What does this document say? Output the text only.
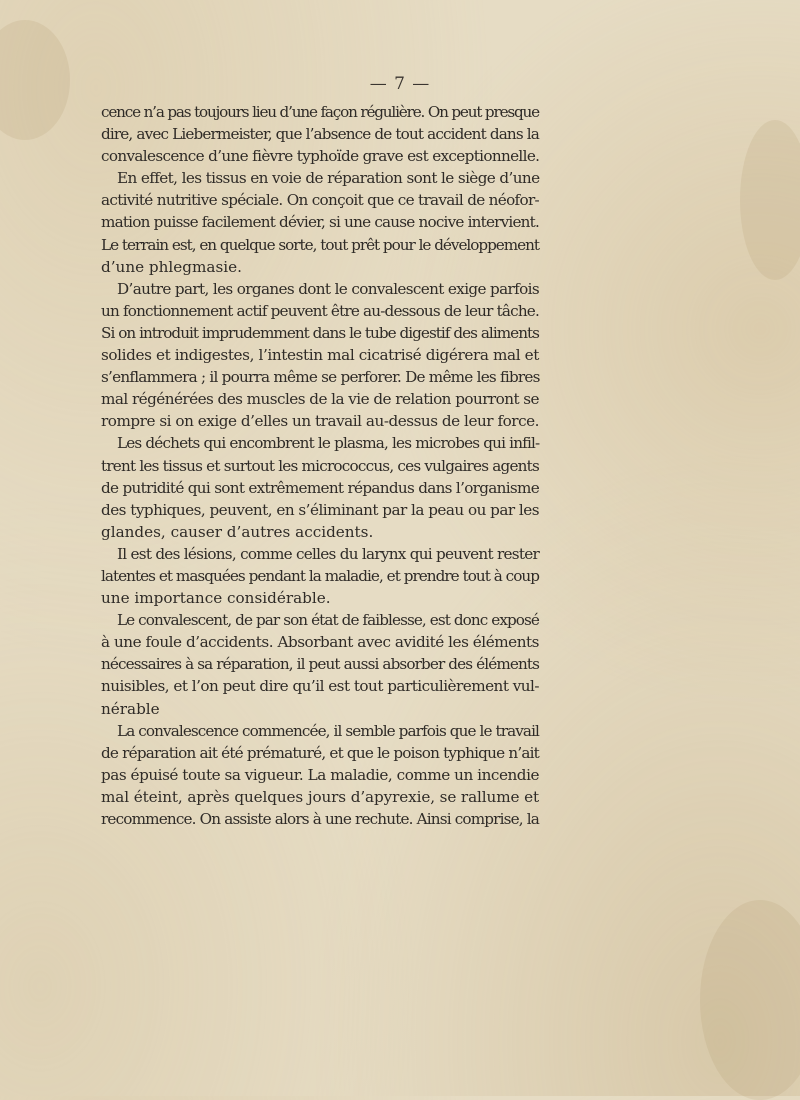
— 7 —
cence n’a pas toujours lieu d’une façon régulière. On peut presque
dire, avec Liebermeister, que l’absence de tout accident dans la
convalescence d’une fièvre typhoïde grave est exceptionnelle.
En effet, les tissus en voie de réparation sont le siège d’une
activité nutritive spéciale. On conçoit que ce travail de néofor-
mation puisse facilement dévier, si une cause nocive intervient.
Le terrain est, en quelque sorte, tout prêt pour le développement
d’une phlegmasie.
D’autre part, les organes dont le convalescent exige parfois
un fonctionnement actif peuvent être au-dessous de leur tâche.
Si on introduit imprudemment dans le tube digestif des aliments
solides et indigestes, l’intestin mal cicatrisé digérera mal et
s’enflammera ; il pourra même se perforer. De même les fibres
mal régénérées des muscles de la vie de relation pourront se
rompre si on exige d’elles un travail au-dessus de leur force.
Les déchets qui encombrent le plasma, les microbes qui infil-
trent les tissus et surtout les micrococcus, ces vulgaires agents
de putridité qui sont extrêmement répandus dans l’organisme
des typhiques, peuvent, en s’éliminant par la peau ou par les
glandes, causer d’autres accidents.
Il est des lésions, comme celles du larynx qui peuvent rester
latentes et masquées pendant la maladie, et prendre tout à coup
une importance considérable.
Le convalescent, de par son état de faiblesse, est donc exposé
à une foule d’accidents. Absorbant avec avidité les éléments
nécessaires à sa réparation, il peut aussi absorber des éléments
nuisibles, et l’on peut dire qu’il est tout particulièrement vul-
nérable
La convalescence commencée, il semble parfois que le travail
de réparation ait été prématuré, et que le poison typhique n’ait
pas épuisé toute sa vigueur. La maladie, comme un incendie
mal éteint, après quelques jours d’apyrexie, se rallume et
recommence. On assiste alors à une rechute. Ainsi comprise, la
